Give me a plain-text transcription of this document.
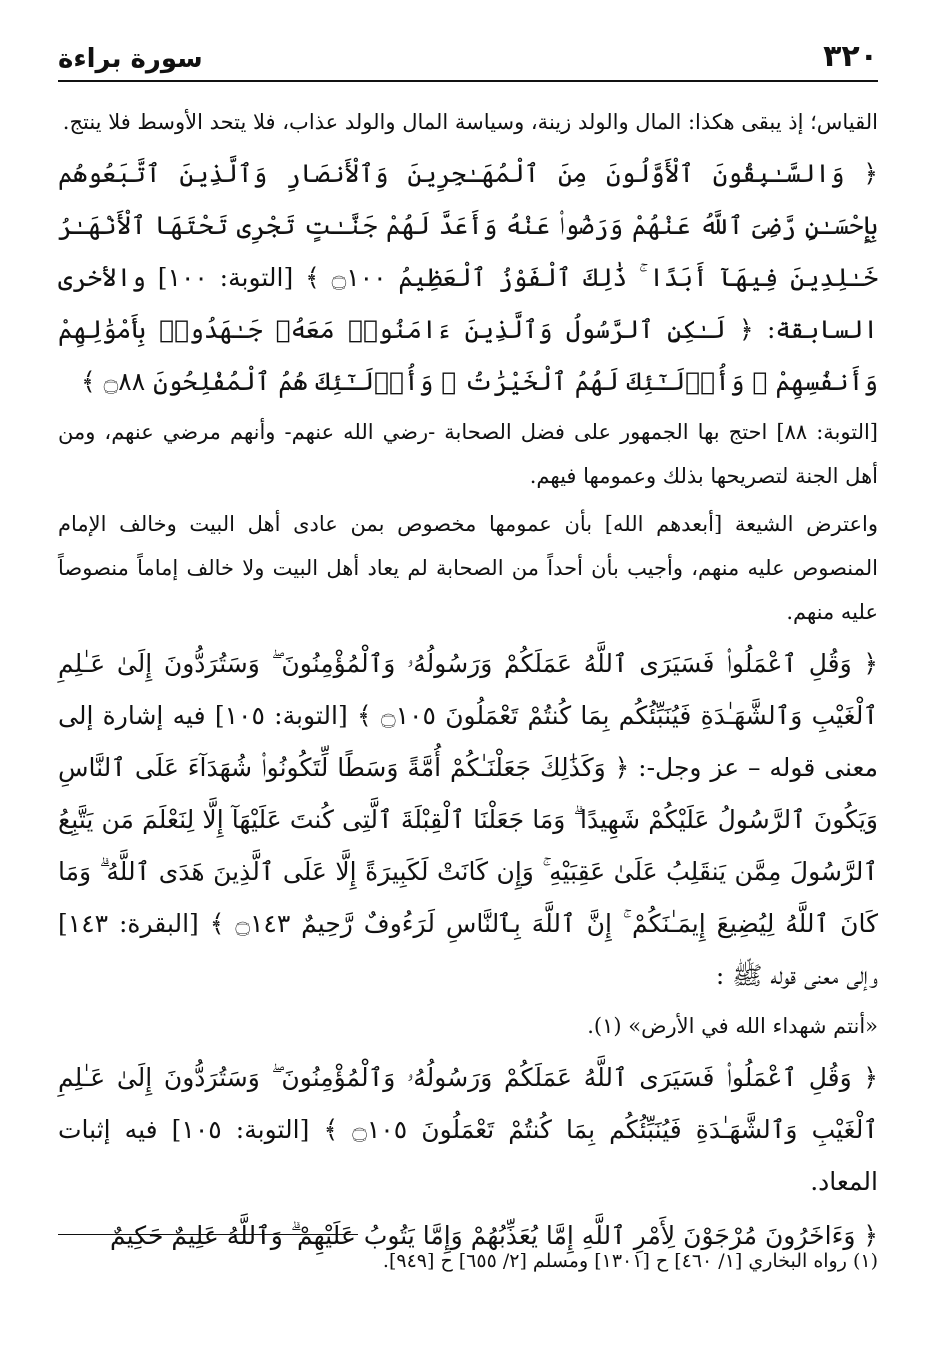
٣٢٠
سورة براءة

القياس؛ إذ يبقى هكذا: المال والولد زينة، وسياسة المال والولد عذاب، فلا يتحد الأوسط فلا ينتج.

﴿ وَالسَّـٰبِقُونَ ٱلْأَوَّلُونَ مِنَ ٱلْمُهَـٰجِرِينَ وَٱلْأَنصَارِ وَٱلَّذِينَ ٱتَّبَعُوهُم بِإِحْسَـٰنٍ رَّضِىَ ٱللَّهُ عَنْهُمْ وَرَضُوا۟ عَنْهُ وَأَعَدَّ لَهُمْ جَنَّـٰتٍ تَجْرِى تَحْتَهَا ٱلْأَنْهَـٰرُ خَـٰلِدِينَ فِيهَآ أَبَدًا ۚ ذَٰلِكَ ٱلْفَوْزُ ٱلْعَظِيمُ ۝١٠٠ ﴾ [التوبة: ١٠٠] والأخرى السابقة: ﴿ لَـٰكِنِ ٱلرَّسُولُ وَٱلَّذِينَ ءَامَنُوا۟ مَعَهُۥ جَـٰهَدُوا۟ بِأَمْوَٰلِهِمْ وَأَنفُسِهِمْ ۚ وَأُو۟لَـٰٓئِكَ لَهُمُ ٱلْخَيْرَٰتُ ۖ وَأُو۟لَـٰٓئِكَ هُمُ ٱلْمُفْلِحُونَ ۝٨٨ ﴾

[التوبة: ٨٨] احتج بها الجمهور على فضل الصحابة -رضي الله عنهم- وأنهم مرضي عنهم، ومن أهل الجنة لتصريحها بذلك وعمومها فيهم.

واعترض الشيعة [أبعدهم الله] بأن عمومها مخصوص بمن عادى أهل البيت وخالف الإمام المنصوص عليه منهم، وأجيب بأن أحداً من الصحابة لم يعاد أهل البيت ولا خالف إماماً منصوصاً عليه منهم.

﴿ وَقُلِ ٱعْمَلُوا۟ فَسَيَرَى ٱللَّهُ عَمَلَكُمْ وَرَسُولُهُۥ وَٱلْمُؤْمِنُونَ ۖ وَسَتُرَدُّونَ إِلَىٰ عَـٰلِمِ ٱلْغَيْبِ وَٱلشَّهَـٰدَةِ فَيُنَبِّئُكُم بِمَا كُنتُمْ تَعْمَلُونَ ۝١٠٥ ﴾ [التوبة: ١٠٥] فيه إشارة إلى معنى قوله – عز وجل-: ﴿ وَكَذَٰلِكَ جَعَلْنَـٰكُمْ أُمَّةً وَسَطًا لِّتَكُونُوا۟ شُهَدَآءَ عَلَى ٱلنَّاسِ وَيَكُونَ ٱلرَّسُولُ عَلَيْكُمْ شَهِيدًا ۗ وَمَا جَعَلْنَا ٱلْقِبْلَةَ ٱلَّتِى كُنتَ عَلَيْهَآ إِلَّا لِنَعْلَمَ مَن يَتَّبِعُ ٱلرَّسُولَ مِمَّن يَنقَلِبُ عَلَىٰ عَقِبَيْهِ ۚ وَإِن كَانَتْ لَكَبِيرَةً إِلَّا عَلَى ٱلَّذِينَ هَدَى ٱللَّهُ ۗ وَمَا كَانَ ٱللَّهُ لِيُضِيعَ إِيمَـٰنَكُمْ ۚ إِنَّ ٱللَّهَ بِٱلنَّاسِ لَرَءُوفٌ رَّحِيمٌ ۝١٤٣ ﴾ [البقرة: ١٤٣] وإلى معنى قوله ﷺ :

«أنتم شهداء الله في الأرض» (١).

﴿ وَقُلِ ٱعْمَلُوا۟ فَسَيَرَى ٱللَّهُ عَمَلَكُمْ وَرَسُولُهُۥ وَٱلْمُؤْمِنُونَ ۖ وَسَتُرَدُّونَ إِلَىٰ عَـٰلِمِ ٱلْغَيْبِ وَٱلشَّهَـٰدَةِ فَيُنَبِّئُكُم بِمَا كُنتُمْ تَعْمَلُونَ ۝١٠٥ ﴾ [التوبة: ١٠٥] فيه إثبات المعاد.

﴿ وَءَاخَرُونَ مُرْجَوْنَ لِأَمْرِ ٱللَّهِ إِمَّا يُعَذِّبُهُمْ وَإِمَّا يَتُوبُ عَلَيْهِمْ ۗ وَٱللَّهُ عَلِيمٌ حَكِيمٌ

(١) رواه البخاري [١/ ٤٦٠] ح [١٣٠١] ومسلم [٢/ ٦٥٥] ح [٩٤٩].
